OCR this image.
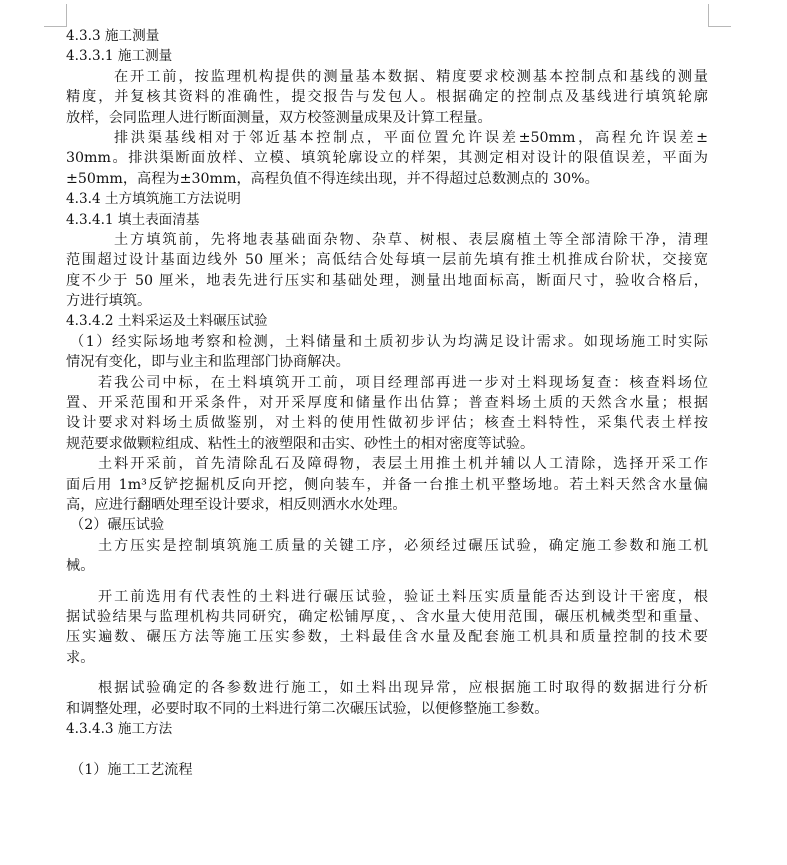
4.3.3 施工测量
4.3.3.1 施工测量
在开工前，按监理机构提供的测量基本数据、精度要求校测基本控制点和基线的测量
精度，并复核其资料的准确性，提交报告与发包人。根据确定的控制点及基线进行填筑轮廓
放样，会同监理人进行断面测量，双方校签测量成果及计算工程量。
排洪渠基线相对于邻近基本控制点，平面位置允许误差±50mm，高程允许误差±
30mm。排洪渠断面放样、立模、填筑轮廓设立的样架，其测定相对设计的限值误差，平面为
±50mm，高程为±30mm，高程负值不得连续出现，并不得超过总数测点的 30%。
4.3.4 土方填筑施工方法说明
4.3.4.1 填土表面清基
土方填筑前，先将地表基础面杂物、杂草、树根、表层腐植土等全部清除干净，清理
范围超过设计基面边线外 50 厘米；高低结合处每填一层前先填有推土机推成台阶状，交接宽
度不少于 50 厘米，地表先进行压实和基础处理，测量出地面标高，断面尺寸，验收合格后，
方进行填筑。
4.3.4.2 土料采运及土料碾压试验
（1）经实际场地考察和检测，土料储量和土质初步认为均满足设计需求。如现场施工时实际
情况有变化，即与业主和监理部门协商解决。
若我公司中标，在土料填筑开工前，项目经理部再进一步对土料现场复查：核查料场位
置、开采范围和开采条件，对开采厚度和储量作出估算；普查料场土质的天然含水量；根据
设计要求对料场土质做鉴别，对土料的使用性做初步评估；核查土料特性，采集代表土样按
规范要求做颗粒组成、粘性土的液塑限和击实、砂性土的相对密度等试验。
土料开采前，首先清除乱石及障碍物，表层土用推土机并辅以人工清除，选择开采工作
面后用 1m³反铲挖掘机反向开挖，侧向装车，并备一台推土机平整场地。若土料天然含水量偏
高，应进行翻晒处理至设计要求，相反则洒水水处理。
（2）碾压试验
土方压实是控制填筑施工质量的关键工序，必须经过碾压试验，确定施工参数和施工机
械。
开工前选用有代表性的土料进行碾压试验，验证土料压实质量能否达到设计干密度，根
据试验结果与监理机构共同研究，确定松铺厚度，、含水量大使用范围，碾压机械类型和重量、
压实遍数、碾压方法等施工压实参数，土料最佳含水量及配套施工机具和质量控制的技术要
求。
根据试验确定的各参数进行施工，如土料出现异常，应根据施工时取得的数据进行分析
和调整处理，必要时取不同的土料进行第二次碾压试验，以便修整施工参数。
4.3.4.3 施工方法
（1）施工工艺流程
